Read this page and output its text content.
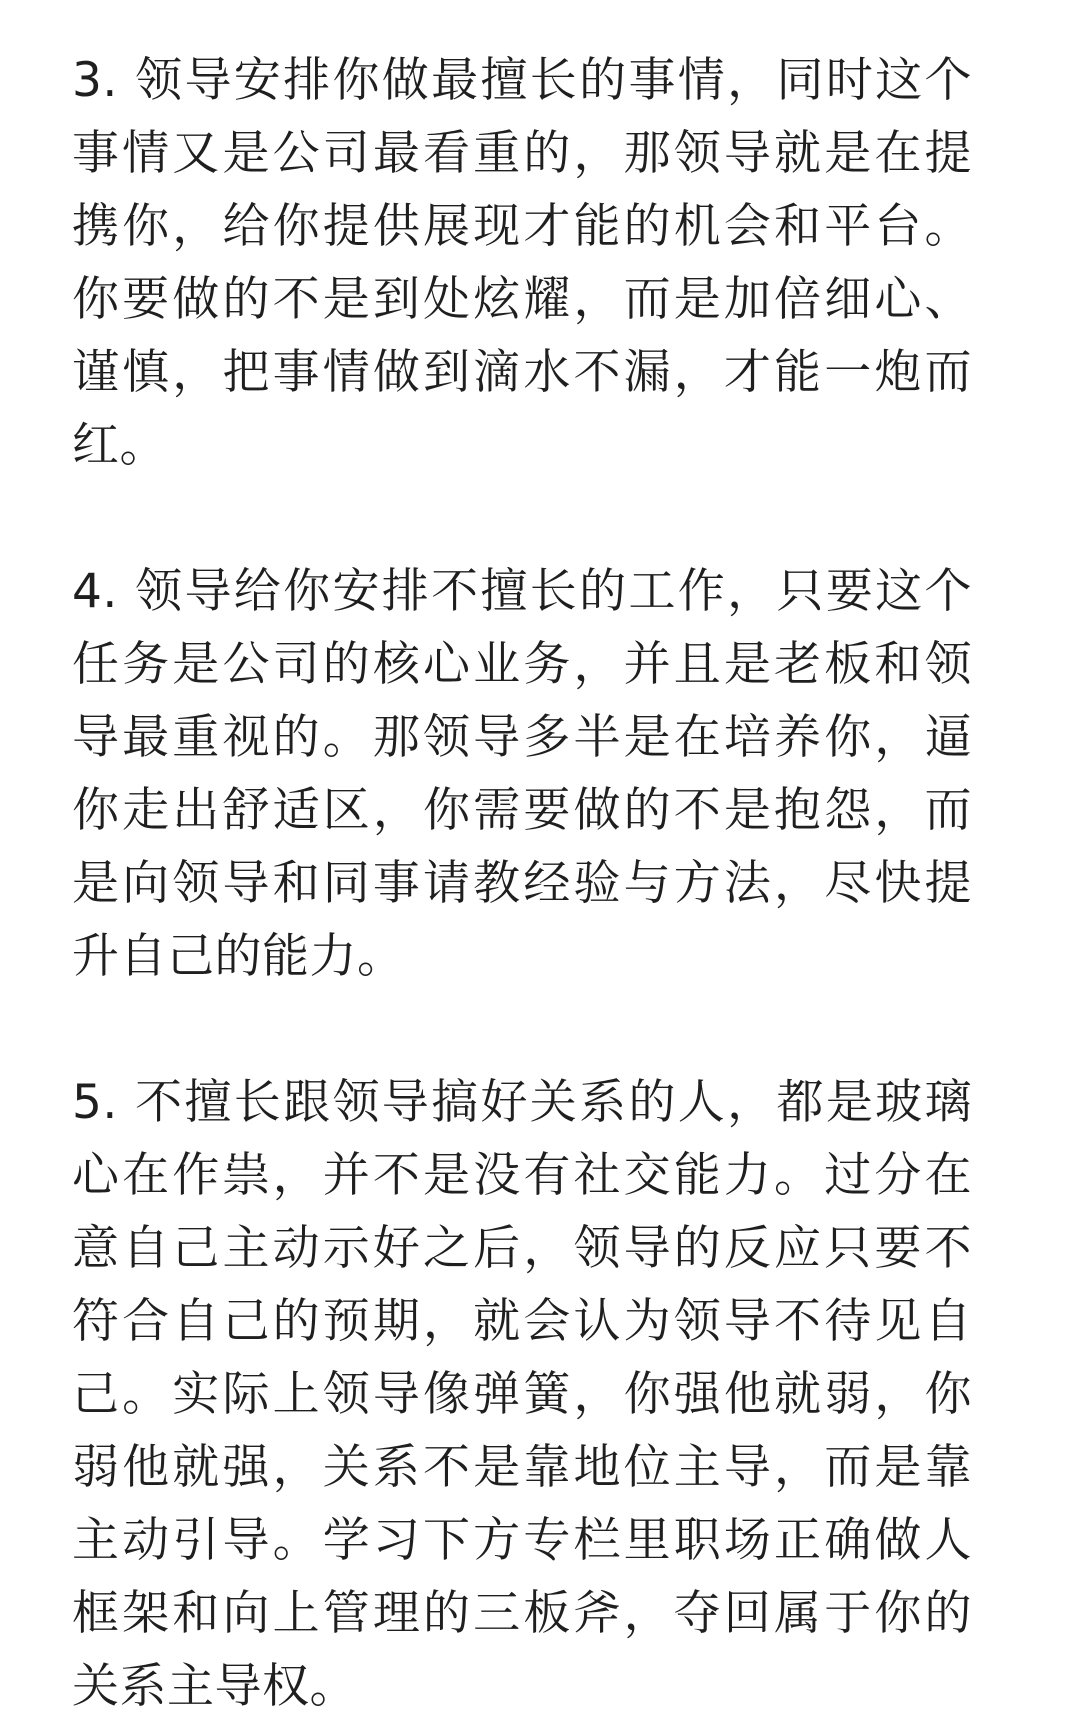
3. 领导安排你做最擅长的事情，同时这个事情又是公司最看重的，那领导就是在提携你，给你提供展现才能的机会和平台。你要做的不是到处炫耀，而是加倍细心、谨慎，把事情做到滴水不漏，才能一炮而红。

4. 领导给你安排不擅长的工作，只要这个任务是公司的核心业务，并且是老板和领导最重视的。那领导多半是在培养你，逼你走出舒适区，你需要做的不是抱怨，而是向领导和同事请教经验与方法，尽快提升自己的能力。

5. 不擅长跟领导搞好关系的人，都是玻璃心在作祟，并不是没有社交能力。过分在意自己主动示好之后，领导的反应只要不符合自己的预期，就会认为领导不待见自己。实际上领导像弹簧，你强他就弱，你弱他就强，关系不是靠地位主导，而是靠主动引导。学习下方专栏里职场正确做人框架和向上管理的三板斧，夺回属于你的关系主导权。
